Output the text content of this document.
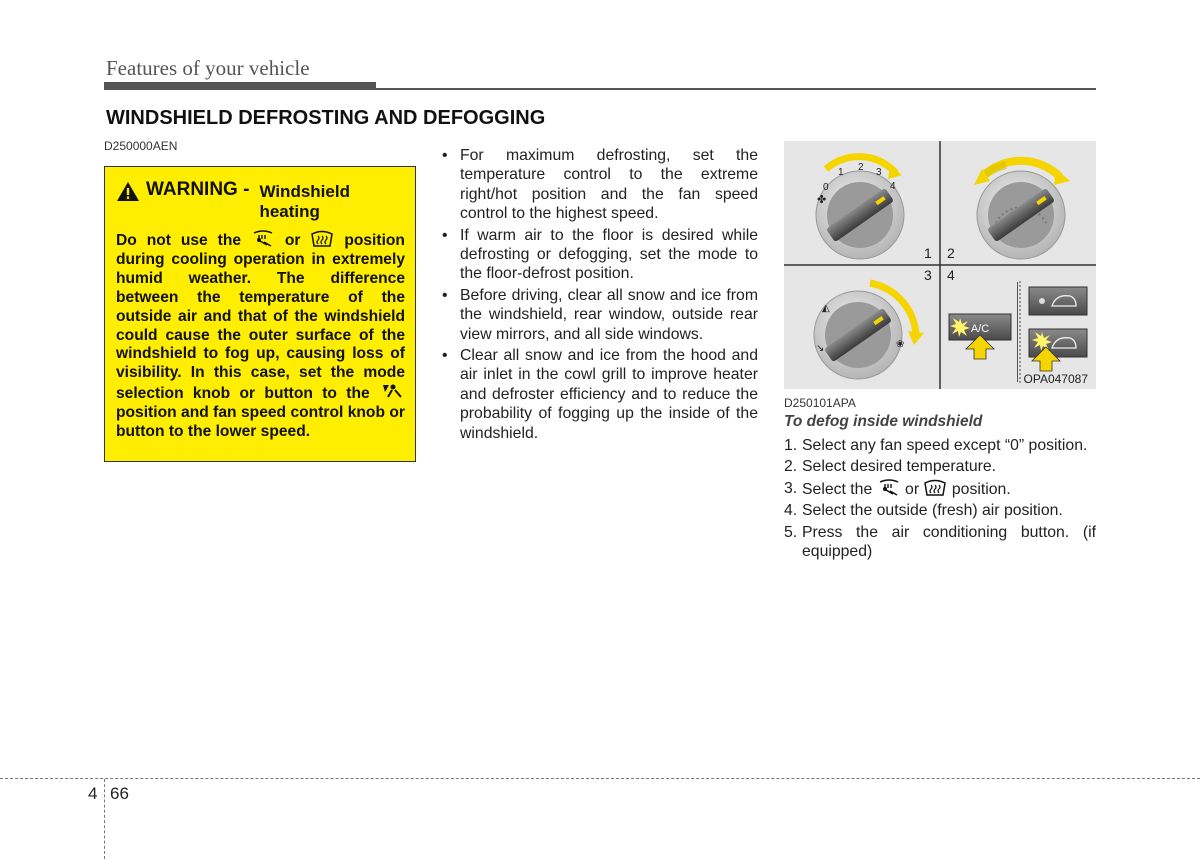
Features of your vehicle
WINDSHIELD DEFROSTING AND DEFOGGING
D250000AEN
WARNING - Windshield
heating
Do not use the	or	position during cooling operation in extremely humid weather. The difference between the temperature of the outside air and that of the windshield could cause the outer surface of the windshield to fog up, causing loss of visibility. In this case, set the mode selection knob or button to the  position and fan speed control knob or button to the lower speed.
• For maximum defrosting, set the temperature control to the extreme right/hot position and the fan speed control to the highest speed.
• If warm air to the floor is desired while defrosting or defogging, set the mode to the floor-defrost position.
• Before driving, clear all snow and ice from the windshield, rear window, outside rear view mirrors, and all side windows.
• Clear all snow and ice from the hood and air inlet in the cowl grill to improve heater and defroster efficiency and to reduce the probability of fogging up the inside of the windshield.
0
1 2 3
4
✤
1 2
3 4
◭
↘	❀
A/C
OPA047087
D250101APA
To defog inside windshield
1. Select any fan speed except “0” position.
2. Select desired temperature.
3. Select the or position.
4. Select the outside (fresh) air position.
5. Press the air conditioning button. (if equipped)
4 66
